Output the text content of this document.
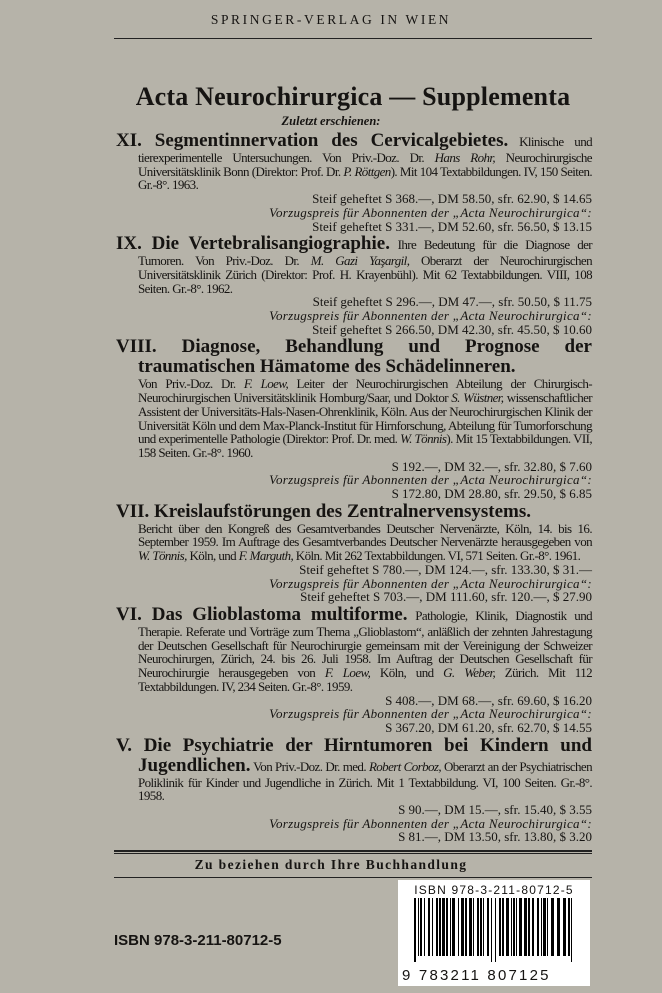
SPRINGER-VERLAG IN WIEN
Acta Neurochirurgica — Supplementa
Zuletzt erschienen:

XI. Segmentinnervation des Cervicalgebietes. Klinische und tierexperimentelle Untersuchungen. Von Priv.-Doz. Dr. Hans Rohr, Neurochirurgische Universitätsklinik Bonn (Direktor: Prof. Dr. P. Röttgen). Mit 104 Textabbildungen. IV, 150 Seiten. Gr.-8°. 1963.

Steif geheftet S 368.—, DM 58.50, sfr. 62.90, $ 14.65
Vorzugspreis für Abonnenten der „Acta Neurochirurgica“:
Steif geheftet S 331.—, DM 52.60, sfr. 56.50, $ 13.15

IX. Die Vertebralisangiographie. Ihre Bedeutung für die Diagnose der Tumoren. Von Priv.-Doz. Dr. M. Gazi Yaşargil, Oberarzt der Neurochirurgischen Universitätsklinik Zürich (Direktor: Prof. H. Krayenbühl). Mit 62 Textabbildungen. VIII, 108 Seiten. Gr.-8°. 1962.

Steif geheftet S 296.—, DM 47.—, sfr. 50.50, $ 11.75
Vorzugspreis für Abonnenten der „Acta Neurochirurgica“:
Steif geheftet S 266.50, DM 42.30, sfr. 45.50, $ 10.60

VIII. Diagnose, Behandlung und Prognose der traumatischen Hämatome des Schädelinneren.
Von Priv.-Doz. Dr. F. Loew, Leiter der Neurochirurgischen Abteilung der Chirurgisch-Neurochirurgischen Universitätsklinik Homburg/Saar, und Doktor S. Wüstner, wissenschaftlicher Assistent der Universitäts-Hals-Nasen-Ohrenklinik, Köln. Aus der Neurochirurgischen Klinik der Universität Köln und dem Max-Planck-Institut für Hirnforschung, Abteilung für Tumorforschung und experimentelle Pathologie (Direktor: Prof. Dr. med. W. Tönnis). Mit 15 Textabbildungen. VII, 158 Seiten. Gr.-8°. 1960.

S 192.—, DM 32.—, sfr. 32.80, $ 7.60
Vorzugspreis für Abonnenten der „Acta Neurochirurgica“:
S 172.80, DM 28.80, sfr. 29.50, $ 6.85

VII. Kreislaufstörungen des Zentralnervensystems.
Bericht über den Kongreß des Gesamtverbandes Deutscher Nervenärzte, Köln, 14. bis 16. September 1959. Im Auftrage des Gesamtverbandes Deutscher Nervenärzte herausgegeben von W. Tönnis, Köln, und F. Marguth, Köln. Mit 262 Textabbildungen. VI, 571 Seiten. Gr.-8°. 1961.

Steif geheftet S 780.—, DM 124.—, sfr. 133.30, $ 31.—
Vorzugspreis für Abonnenten der „Acta Neurochirurgica“:
Steif geheftet S 703.—, DM 111.60, sfr. 120.—, $ 27.90

VI. Das Glioblastoma multiforme. Pathologie, Klinik, Diagnostik und Therapie. Referate und Vorträge zum Thema „Glioblastom“, anläßlich der zehnten Jahrestagung der Deutschen Gesellschaft für Neurochirurgie gemeinsam mit der Vereinigung der Schweizer Neurochirurgen, Zürich, 24. bis 26. Juli 1958. Im Auftrag der Deutschen Gesellschaft für Neurochirurgie herausgegeben von F. Loew, Köln, und G. Weber, Zürich. Mit 112 Textabbildungen. IV, 234 Seiten. Gr.-8°. 1959.

S 408.—, DM 68.—, sfr. 69.60, $ 16.20
Vorzugspreis für Abonnenten der „Acta Neurochirurgica“:
S 367.20, DM 61.20, sfr. 62.70, $ 14.55

V. Die Psychiatrie der Hirntumoren bei Kindern und Jugendlichen. Von Priv.-Doz. Dr. med. Robert Corboz, Oberarzt an der Psychiatrischen Poliklinik für Kinder und Jugendliche in Zürich. Mit 1 Textabbildung. VI, 100 Seiten. Gr.-8°. 1958.

S 90.—, DM 15.—, sfr. 15.40, $ 3.55
Vorzugspreis für Abonnenten der „Acta Neurochirurgica“:
S 81.—, DM 13.50, sfr. 13.80, $ 3.20
Zu beziehen durch Ihre Buchhandlung
ISBN 978-3-211-80712-5
ISBN 978-3-211-80712-5
9 783211 807125
